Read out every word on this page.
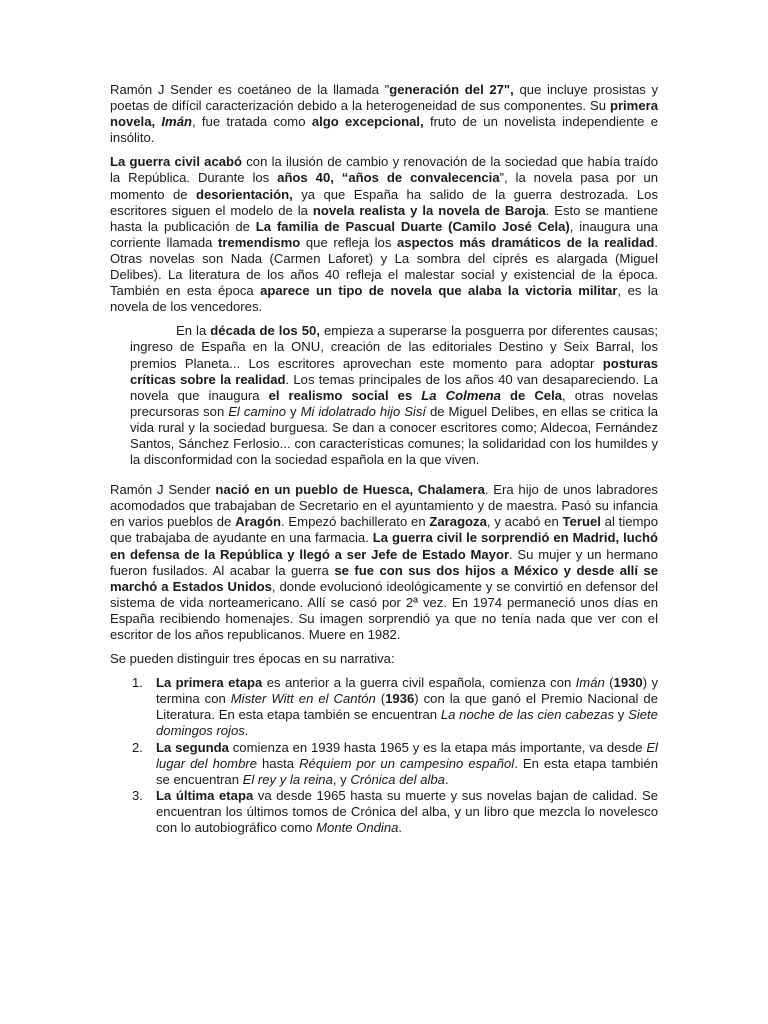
Ramón J Sender es coetáneo de la llamada "generación del 27", que incluye prosistas y poetas de difícil caracterización debido a la heterogeneidad de sus componentes. Su primera novela, Imán, fue tratada como algo excepcional, fruto de un novelista independiente e insólito.

La guerra civil acabó con la ilusión de cambio y renovación de la sociedad que había traído la República. Durante los años 40, “años de convalecencia”, la novela pasa por un momento de desorientación, ya que España ha salido de la guerra destrozada. Los escritores siguen el modelo de la novela realista y la novela de Baroja. Esto se mantiene hasta la publicación de La familia de Pascual Duarte (Camilo José Cela), inaugura una corriente llamada tremendismo que refleja los aspectos más dramáticos de la realidad. Otras novelas son Nada (Carmen Laforet) y La sombra del ciprés es alargada (Miguel Delibes). La literatura de los años 40 refleja el malestar social y existencial de la época. También en esta época aparece un tipo de novela que alaba la victoria militar, es la novela de los vencedores.

En la década de los 50, empieza a superarse la posguerra por diferentes causas; ingreso de España en la ONU, creación de las editoriales Destino y Seix Barral, los premios Planeta... Los escritores aprovechan este momento para adoptar posturas críticas sobre la realidad. Los temas principales de los años 40 van desapareciendo. La novela que inaugura el realismo social es La Colmena de Cela, otras novelas precursoras son El camino y Mi idolatrado hijo Sisí de Miguel Delibes, en ellas se critica la vida rural y la sociedad burguesa. Se dan a conocer escritores como; Aldecoa, Fernández Santos, Sánchez Ferlosio... con características comunes; la solidaridad con los humildes y la disconformidad con la sociedad española en la que viven.

Ramón J Sender nació en un pueblo de Huesca, Chalamera. Era hijo de unos labradores acomodados que trabajaban de Secretario en el ayuntamiento y de maestra. Pasó su infancia en varios pueblos de Aragón. Empezó bachillerato en Zaragoza, y acabó en Teruel al tiempo que trabajaba de ayudante en una farmacia. La guerra civil le sorprendió en Madrid, luchó en defensa de la República y llegó a ser Jefe de Estado Mayor. Su mujer y un hermano fueron fusilados. Al acabar la guerra se fue con sus dos hijos a México y desde allí se marchó a Estados Unidos, donde evolucionó ideológicamente y se convirtió en defensor del sistema de vida norteamericano. Allí se casó por 2ª vez. En 1974 permaneció unos días en España recibiendo homenajes. Su imagen sorprendió ya que no tenía nada que ver con el escritor de los años republicanos. Muere en 1982.

Se pueden distinguir tres épocas en su narrativa:

1. La primera etapa es anterior a la guerra civil española, comienza con Imán (1930) y termina con Mister Witt en el Cantón (1936) con la que ganó el Premio Nacional de Literatura. En esta etapa también se encuentran La noche de las cien cabezas y Siete domingos rojos.
2. La segunda comienza en 1939 hasta 1965 y es la etapa más importante, va desde El lugar del hombre hasta Réquiem por un campesino español. En esta etapa también se encuentran El rey y la reina, y Crónica del alba.
3. La última etapa va desde 1965 hasta su muerte y sus novelas bajan de calidad. Se encuentran los últimos tomos de Crónica del alba, y un libro que mezcla lo novelesco con lo autobiográfico como Monte Ondina.
